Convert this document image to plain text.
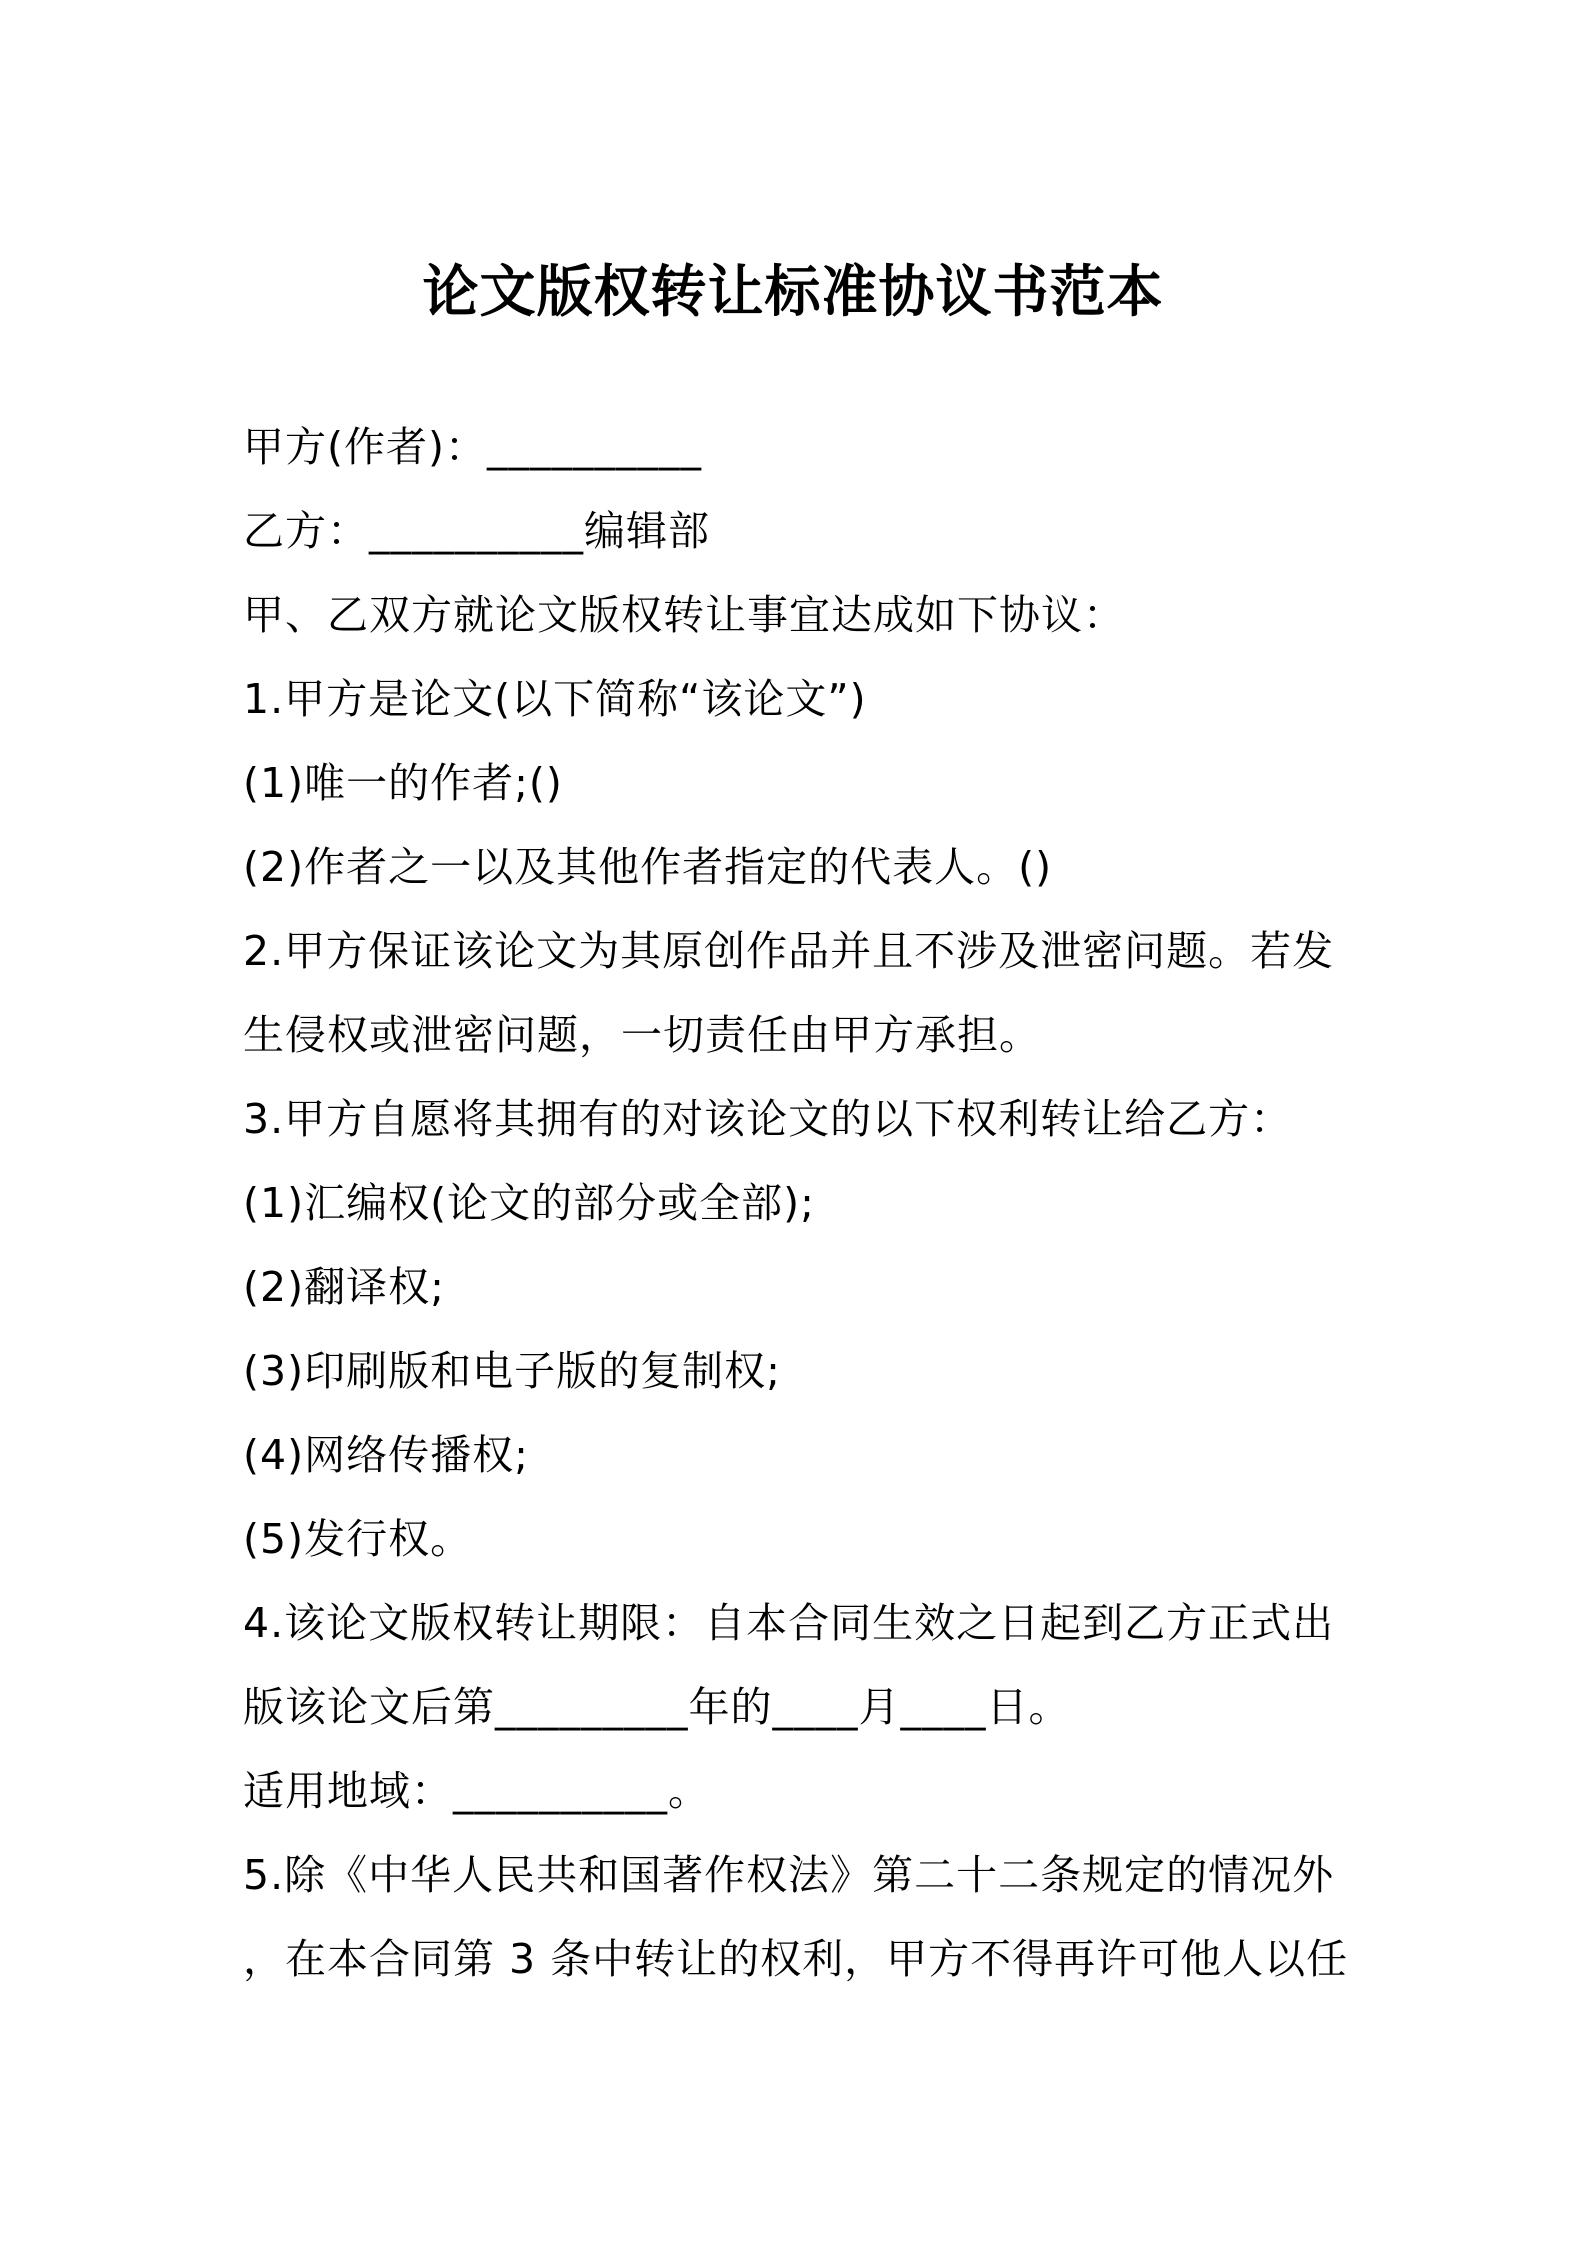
论文版权转让标准协议书范本
甲方(作者)：__________
乙方：__________编辑部
甲、乙双方就论文版权转让事宜达成如下协议：
1.甲方是论文(以下简称“该论文”)
(1)唯一的作者;()
(2)作者之一以及其他作者指定的代表人。()
2.甲方保证该论文为其原创作品并且不涉及泄密问题。若发
生侵权或泄密问题，一切责任由甲方承担。
3.甲方自愿将其拥有的对该论文的以下权利转让给乙方：
(1)汇编权(论文的部分或全部);
(2)翻译权;
(3)印刷版和电子版的复制权;
(4)网络传播权;
(5)发行权。
4.该论文版权转让期限：自本合同生效之日起到乙方正式出
版该论文后第_________年的____月____日。
适用地域：__________。
5.除《中华人民共和国著作权法》第二十二条规定的情况外
，在本合同第 3 条中转让的权利，甲方不得再许可他人以任
